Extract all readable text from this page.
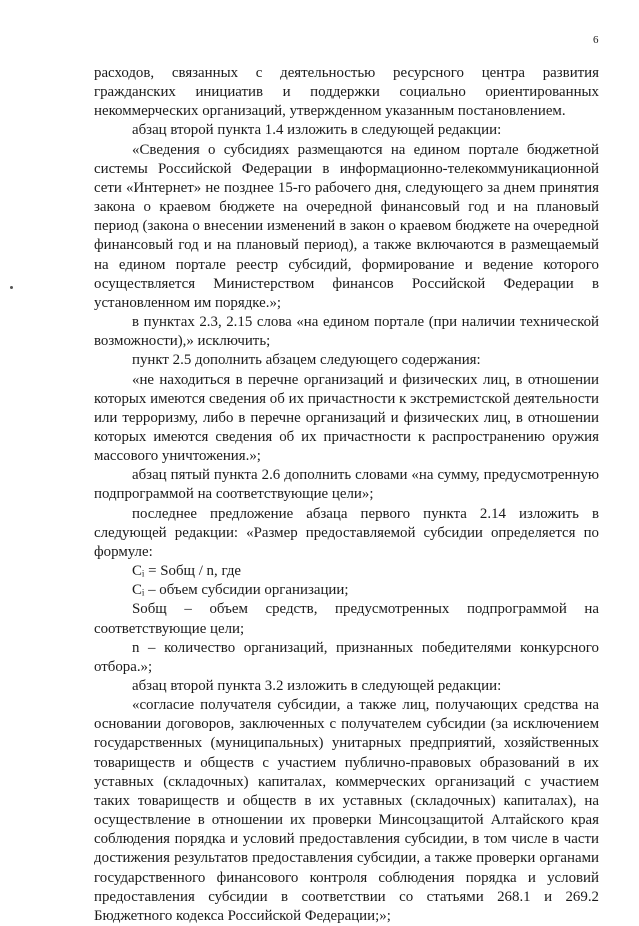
6

расходов, связанных с деятельностью ресурсного центра развития гражданских инициатив и поддержки социально ориентированных некоммерческих организаций, утвержденном указанным постановлением.

абзац второй пункта 1.4 изложить в следующей редакции:

«Сведения о субсидиях размещаются на едином портале бюджетной системы Российской Федерации в информационно-телекоммуникационной сети «Интернет» не позднее 15-го рабочего дня, следующего за днем принятия закона о краевом бюджете на очередной финансовый год и на плановый период (закона о внесении изменений в закон о краевом бюджете на очередной финансовый год и на плановый период), а также включаются в размещаемый на едином портале реестр субсидий, формирование и ведение которого осуществляется Министерством финансов Российской Федерации в установленном им порядке.»;

в пунктах 2.3, 2.15 слова «на едином портале (при наличии технической возможности),» исключить;

пункт 2.5 дополнить абзацем следующего содержания:

«не находиться в перечне организаций и физических лиц, в отношении которых имеются сведения об их причастности к экстремистской деятельности или терроризму, либо в перечне организаций и физических лиц, в отношении которых имеются сведения об их причастности к распространению оружия массового уничтожения.»;

абзац пятый пункта 2.6 дополнить словами «на сумму, предусмотренную подпрограммой на соответствующие цели»;

последнее предложение абзаца первого пункта 2.14 изложить в следующей редакции: «Размер предоставляемой субсидии определяется по формуле:

Cᵢ = Sобщ / n, где

Cᵢ – объем субсидии организации;

Sобщ – объем средств, предусмотренных подпрограммой на соответствующие цели;

n – количество организаций, признанных победителями конкурсного отбора.»;

абзац второй пункта 3.2 изложить в следующей редакции:

«согласие получателя субсидии, а также лиц, получающих средства на основании договоров, заключенных с получателем субсидии (за исключением государственных (муниципальных) унитарных предприятий, хозяйственных товариществ и обществ с участием публично-правовых образований в их уставных (складочных) капиталах, коммерческих организаций с участием таких товариществ и обществ в их уставных (складочных) капиталах), на осуществление в отношении их проверки Минсоцзащитой Алтайского края соблюдения порядка и условий предоставления субсидии, в том числе в части достижения результатов предоставления субсидии, а также проверки органами государственного финансового контроля соблюдения порядка и условий предоставления субсидии в соответствии со статьями 268.1 и 269.2 Бюджетного кодекса Российской Федерации;»;
